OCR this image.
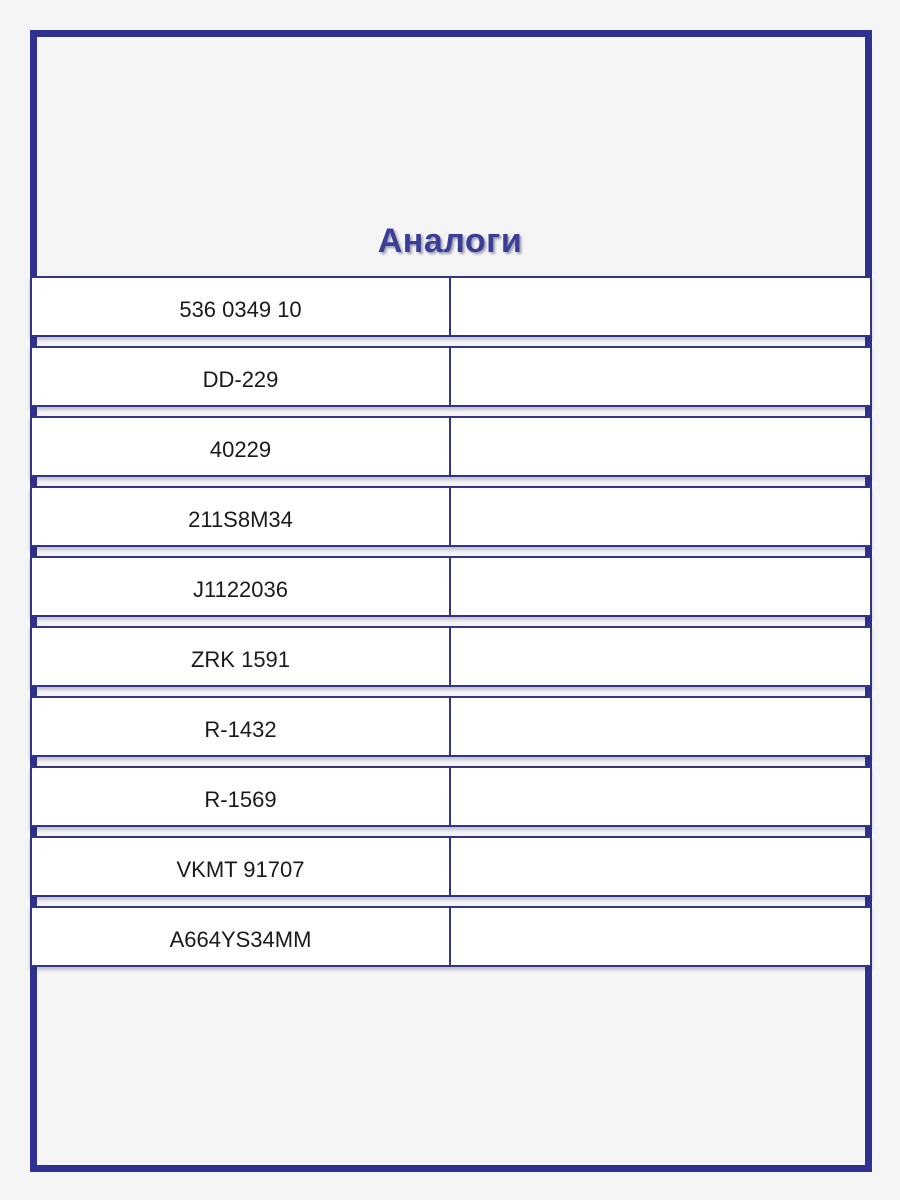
Аналоги
536 0349 10
DD-229
40229
211S8M34
J1122036
ZRK 1591
R-1432
R-1569
VKMT 91707
A664YS34MM
